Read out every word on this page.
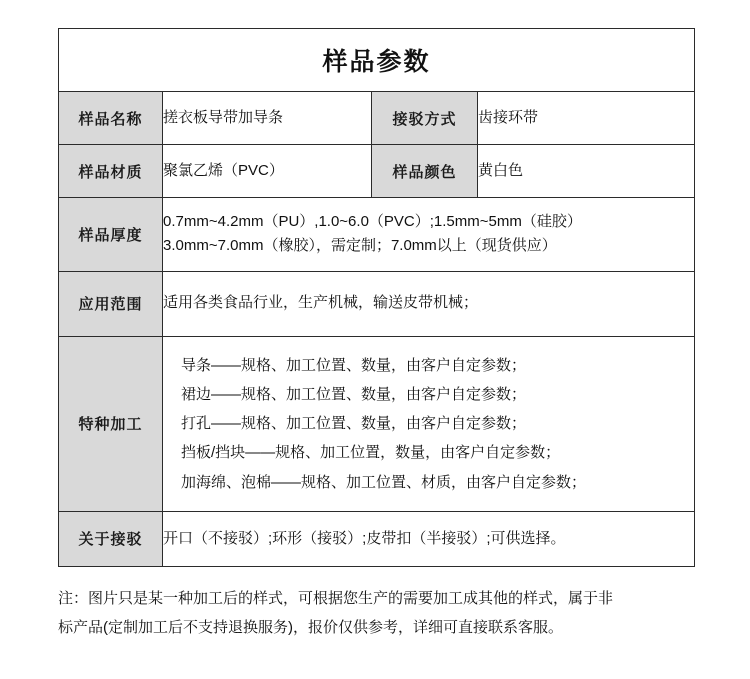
样品参数			
样品名称	搓衣板导带加导条	接驳方式	齿接环带
样品材质	聚氯乙烯（PVC）	样品颜色	黄白色
样品厚度	0.7mm~4.2mm（PU）,1.0~6.0（PVC）;1.5mm~5mm（硅胶）
3.0mm~7.0mm（橡胶），需定制；7.0mm以上（现货供应）		

应用范围	适用各类食品行业，生产机械，输送皮带机械；		
特种加工	导条——规格、加工位置、数量，由客户自定参数；
裙边——规格、加工位置、数量，由客户自定参数；
打孔——规格、加工位置、数量，由客户自定参数；
挡板/挡块——规格、加工位置，数量，由客户自定参数；
加海绵、泡棉——规格、加工位置、材质，由客户自定参数；		

关于接驳	开口（不接驳）;环形（接驳）;皮带扣（半接驳）;可供选择。		
注：图片只是某一种加工后的样式，可根据您生产的需要加工成其他的样式，属于非
标产品(定制加工后不支持退换服务)，报价仅供参考，详细可直接联系客服。
